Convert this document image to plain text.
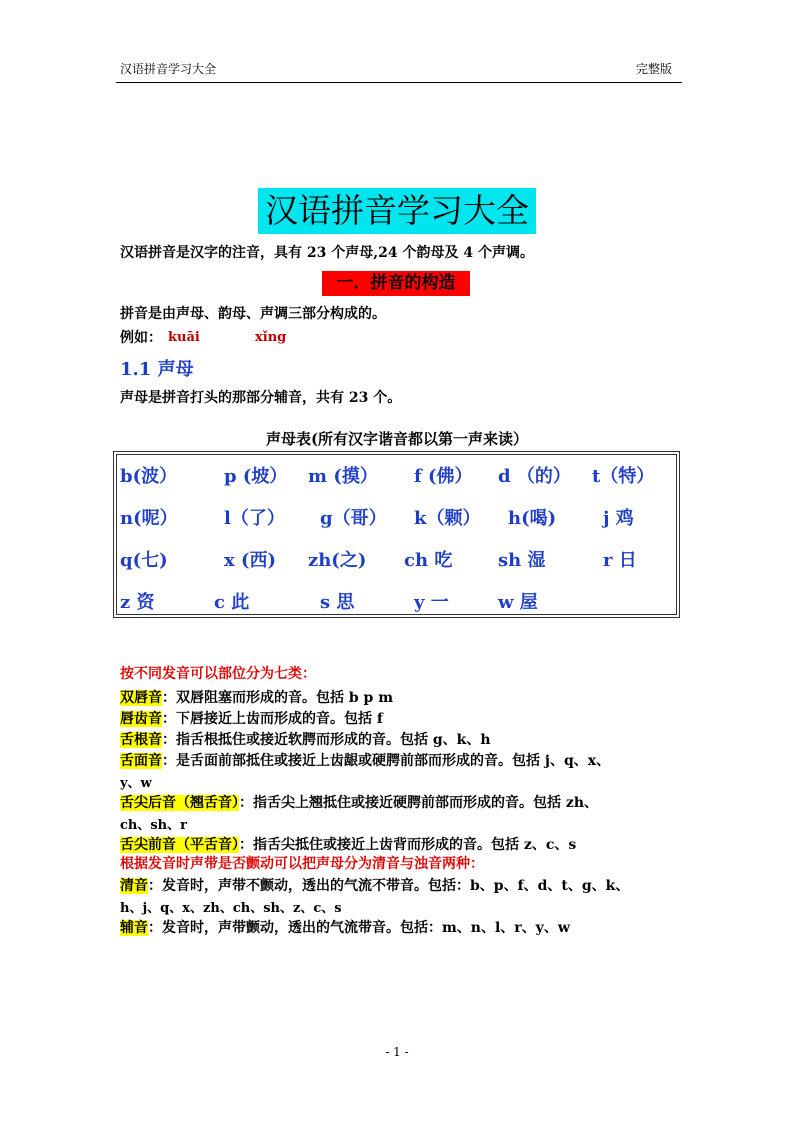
汉语拼音学习大全	完整版
汉语拼音学习大全
汉语拼音是汉字的注音，具有 23 个声母,24 个韵母及 4 个声调。
一．拼音的构造
拼音是由声母、韵母、声调三部分构成的。
例如： kuāi	xǐng
1.1 声母
声母是拼音打头的那部分辅音，共有 23 个。
声母表(所有汉字谐音都以第一声来读）
b(波）	p (坡） m (摸） f (佛） d （的） t（特）
n(呢）	l（了） g（哥） k（颗） h(喝)	j 鸡
q(七)	x (西) zh(之) ch 吃	sh 湿	r 日
z 资	c 此	s 思	y 一	w 屋
按不同发音可以部位分为七类：
双唇音：双唇阻塞而形成的音。包括 b p m
唇齿音：下唇接近上齿而形成的音。包括 f
舌根音：指舌根抵住或接近软腭而形成的音。包括 g、k、h
舌面音：是舌面前部抵住或接近上齿龈或硬腭前部而形成的音。包括 j、q、x、
y、w
舌尖后音（翘舌音）：指舌尖上翘抵住或接近硬腭前部而形成的音。包括 zh、
ch、sh、r
舌尖前音（平舌音）：指舌尖抵住或接近上齿背而形成的音。包括 z、c、s
根据发音时声带是否颤动可以把声母分为清音与浊音两种：
清音：发音时，声带不颤动，透出的气流不带音。包括：b、p、f、d、t、g、k、
h、j、q、x、zh、ch、sh、z、c、s
辅音：发音时，声带颤动，透出的气流带音。包括：m、n、l、r、y、w
- 1 -
